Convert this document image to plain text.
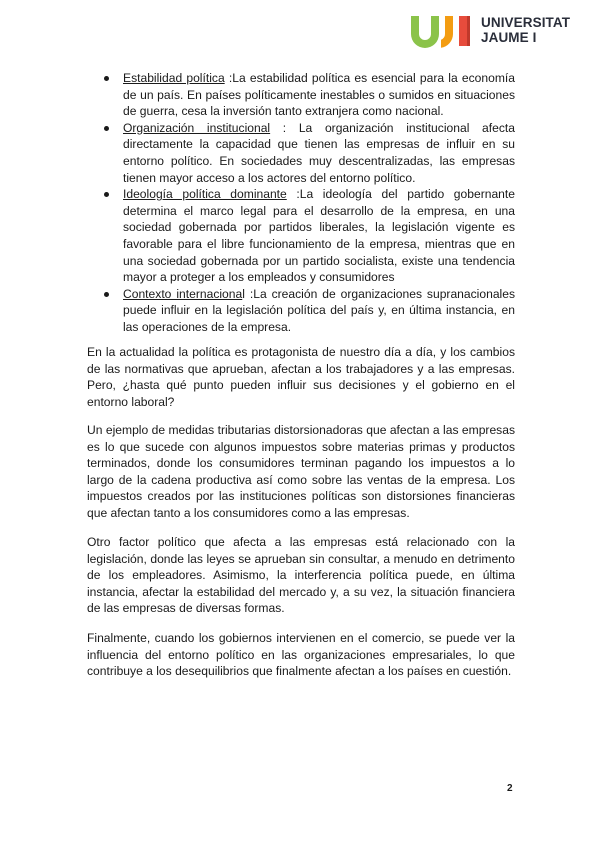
UNIVERSITAT
JAUME I
Estabilidad política :La estabilidad política es esencial para la economía de un país. En países políticamente inestables o sumidos en situaciones de guerra, cesa la inversión tanto extranjera como nacional.
Organización institucional : La organización institucional afecta directamente la capacidad que tienen las empresas de influir en su entorno político. En sociedades muy descentralizadas, las empresas tienen mayor acceso a los actores del entorno político.
Ideología política dominante :La ideología del partido gobernante determina el marco legal para el desarrollo de la empresa, en una sociedad gobernada por partidos liberales, la legislación vigente es favorable para el libre funcionamiento de la empresa, mientras que en una sociedad gobernada por un partido socialista, existe una tendencia mayor a proteger a los empleados y consumidores
Contexto internacional :La creación de organizaciones supranacionales puede influir en la legislación política del país y, en última instancia, en las operaciones de la empresa.

En la actualidad la política es protagonista de nuestro día a día, y los cambios de las normativas que aprueban, afectan a los trabajadores y a las empresas. Pero, ¿hasta qué punto pueden influir sus decisiones y el gobierno en el entorno laboral?

Un ejemplo de medidas tributarias distorsionadoras que afectan a las empresas es lo que sucede con algunos impuestos sobre materias primas y productos terminados, donde los consumidores terminan pagando los impuestos a lo largo de la cadena productiva así como sobre las ventas de la empresa. Los impuestos creados por las instituciones políticas son distorsiones financieras que afectan tanto a los consumidores como a las empresas.

Otro factor político que afecta a las empresas está relacionado con la legislación, donde las leyes se aprueban sin consultar, a menudo en detrimento de los empleadores. Asimismo, la interferencia política puede, en última instancia, afectar la estabilidad del mercado y, a su vez, la situación financiera de las empresas de diversas formas.

Finalmente, cuando los gobiernos intervienen en el comercio, se puede ver la influencia del entorno político en las organizaciones empresariales, lo que contribuye a los desequilibrios que finalmente afectan a los países en cuestión.

2
